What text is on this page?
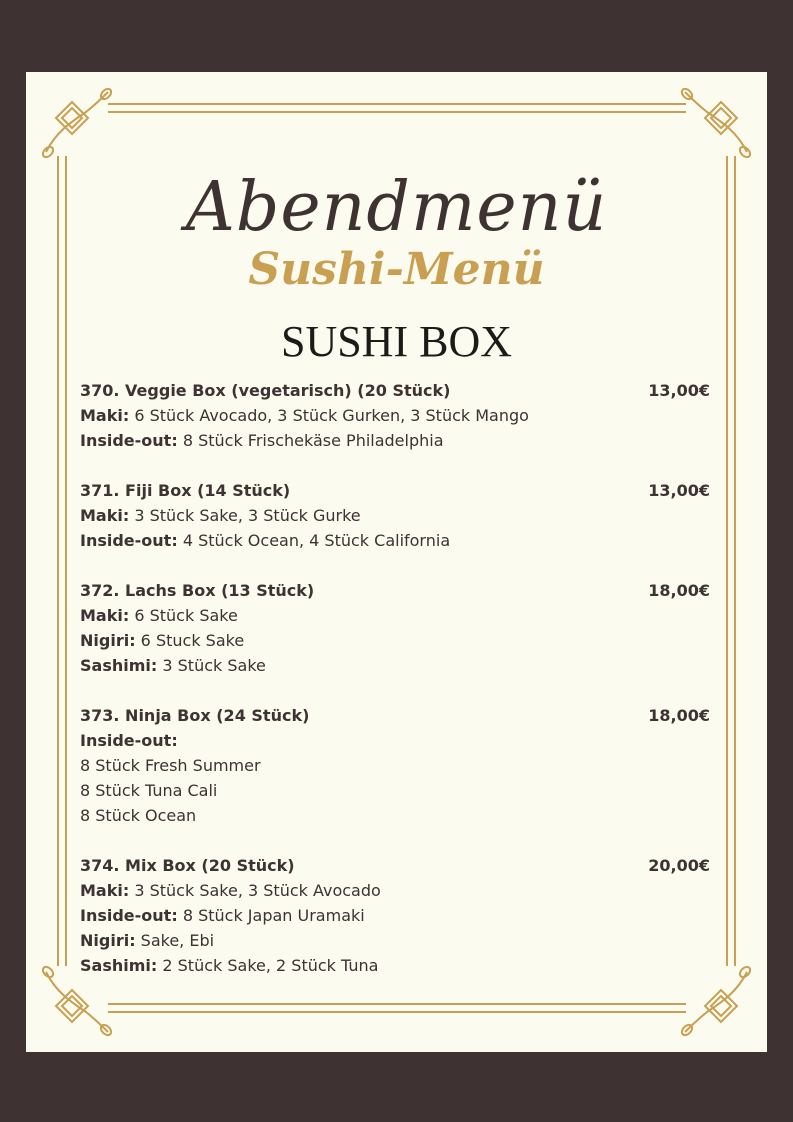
Abendmenü
Sushi-Menü
SUSHI BOX
370. Veggie Box (vegetarisch) (20 Stück)	13,00€
Maki: 6 Stück Avocado, 3 Stück Gurken, 3 Stück Mango
Inside-out: 8 Stück Frischekäse Philadelphia
371. Fiji Box (14 Stück)	13,00€
Maki: 3 Stück Sake, 3 Stück Gurke
Inside-out: 4 Stück Ocean, 4 Stück California
372. Lachs Box (13 Stück)	18,00€
Maki: 6 Stück Sake
Nigiri: 6 Stuck Sake
Sashimi: 3 Stück Sake
373. Ninja Box (24 Stück)	18,00€
Inside-out:
8 Stück Fresh Summer
8 Stück Tuna Cali
8 Stück Ocean
374. Mix Box (20 Stück)	20,00€
Maki: 3 Stück Sake, 3 Stück Avocado
Inside-out: 8 Stück Japan Uramaki
Nigiri: Sake, Ebi
Sashimi: 2 Stück Sake, 2 Stück Tuna
